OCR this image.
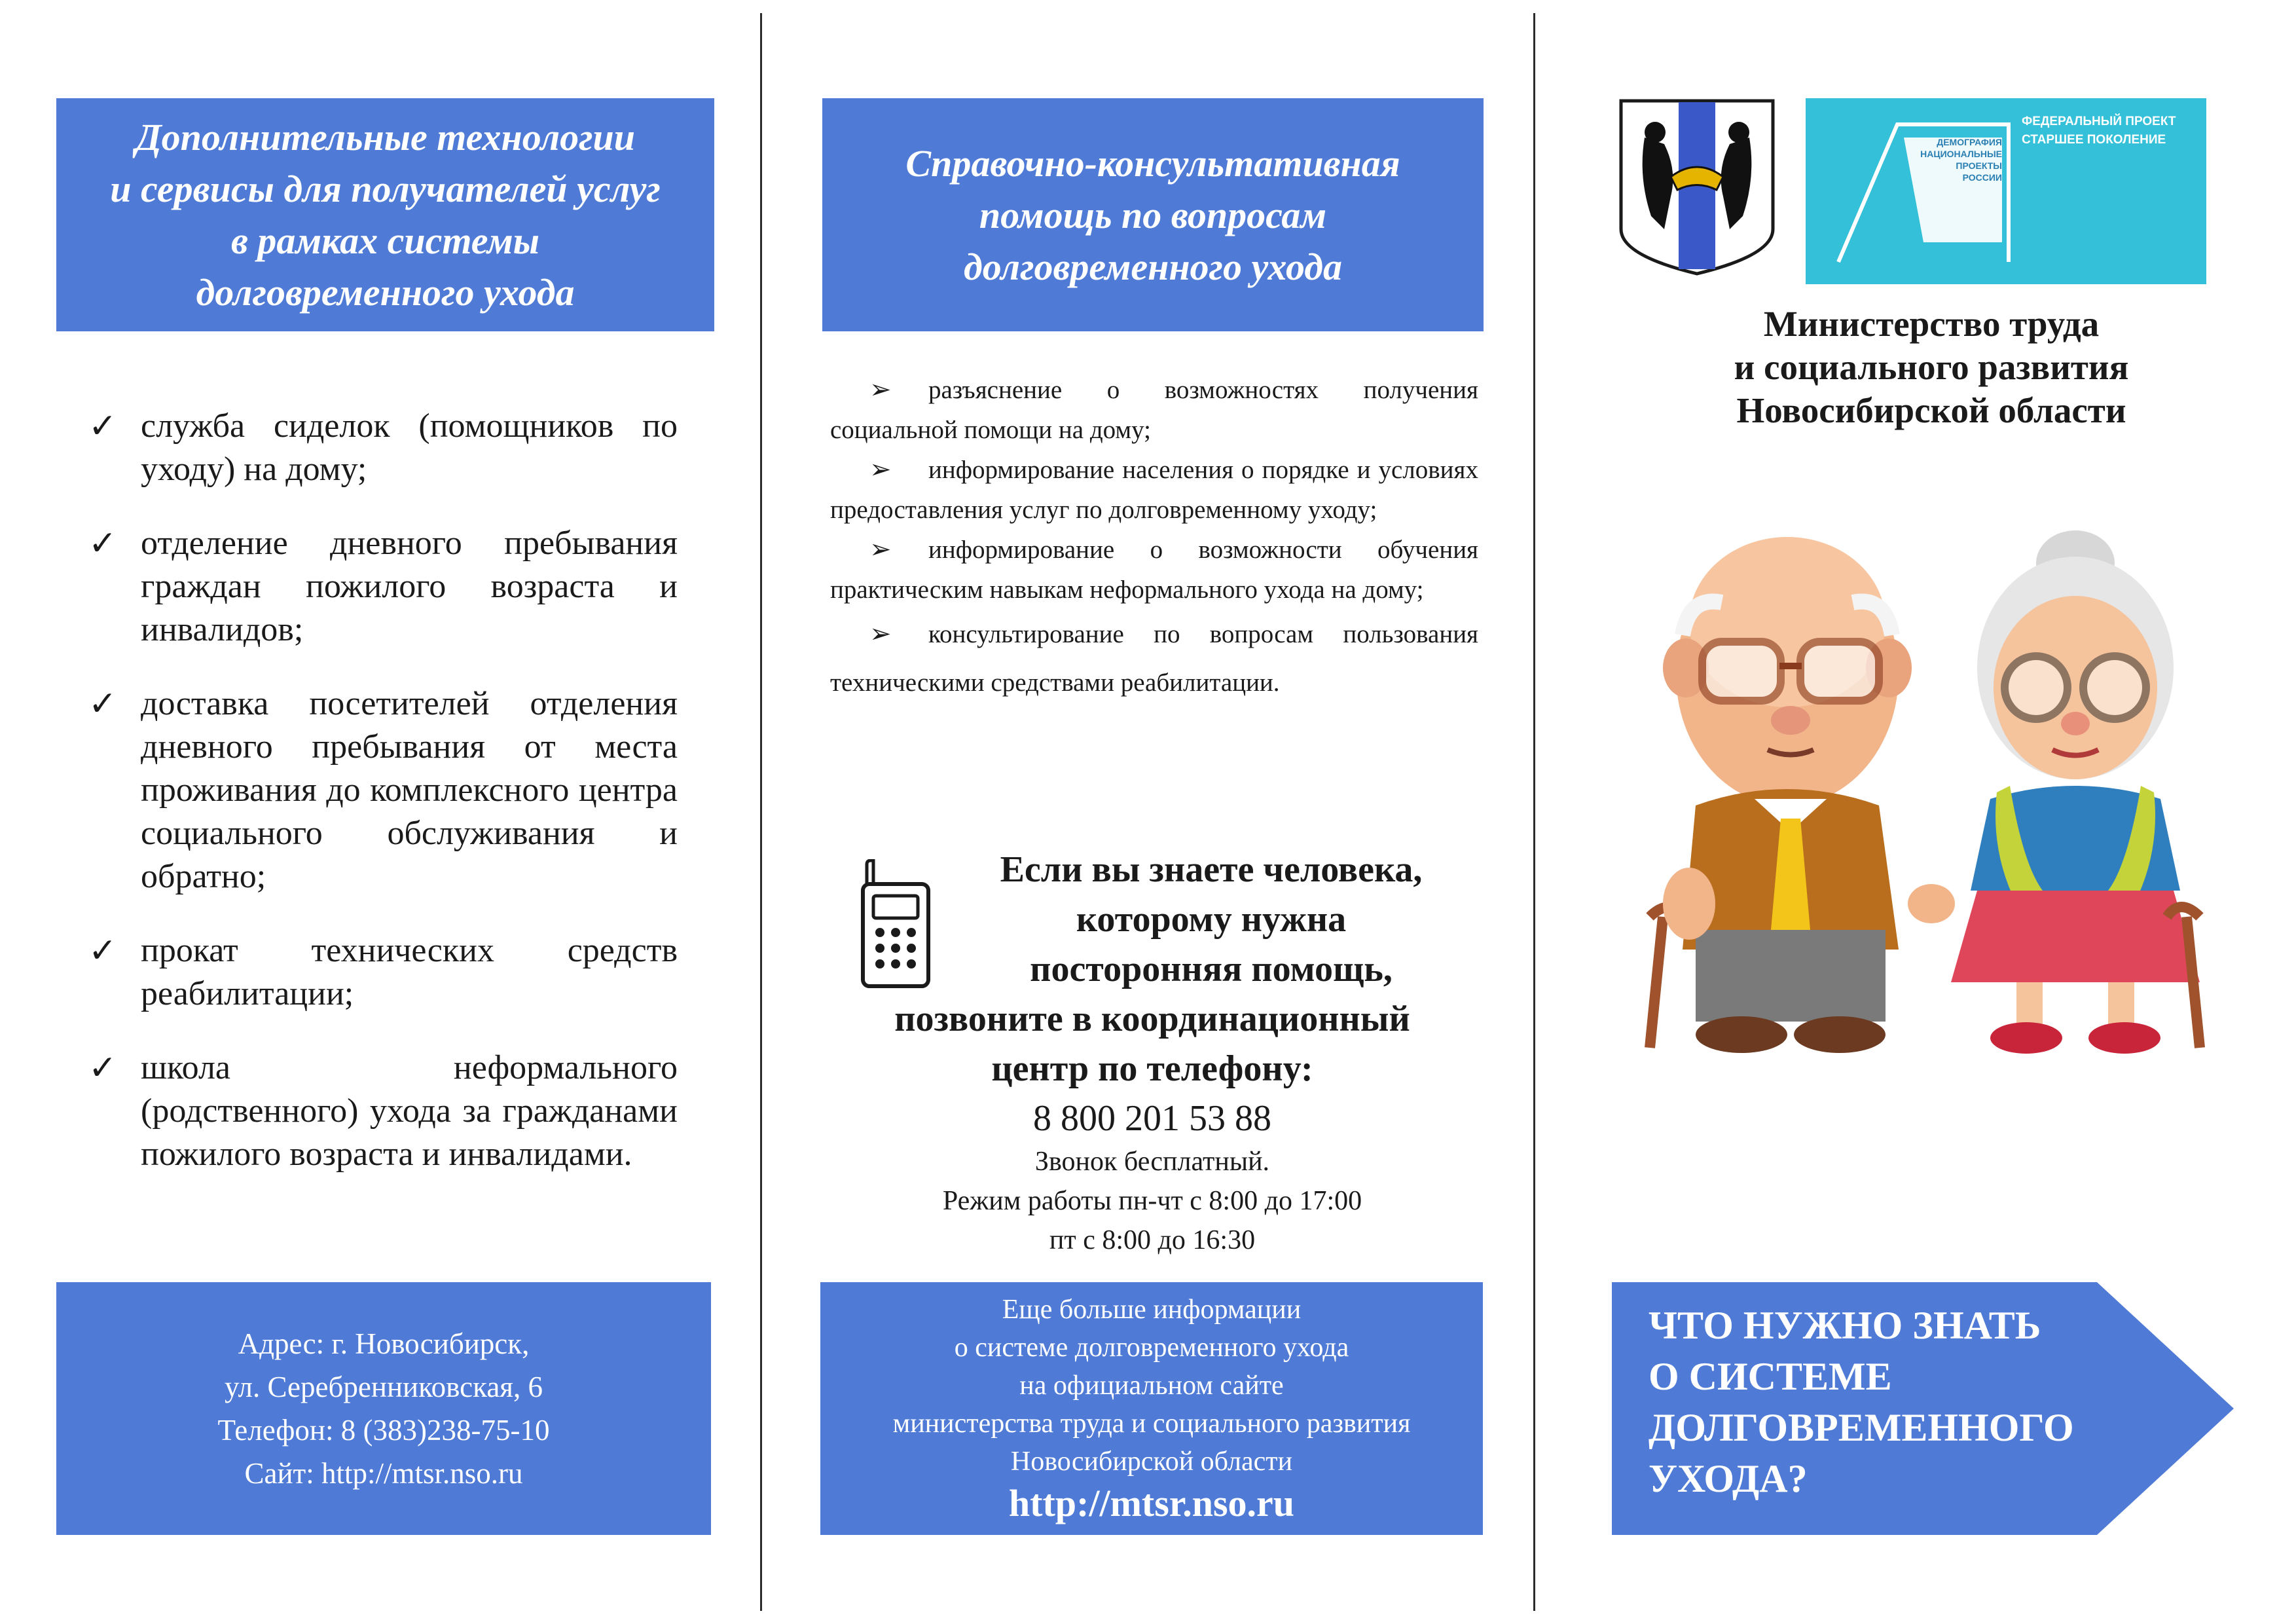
Дополнительные технологии
и сервисы для получателей услуг
в рамках системы
долговременного ухода
✓ служба сиделок (помощников по уходу) на дому;
✓ отделение дневного пребывания граждан пожилого возраста и инвалидов;
✓ доставка посетителей отделения дневного пребывания от места проживания до комплексного центра социального обслуживания и обратно;
✓ прокат технических средств реабилитации;
✓ школа неформального (родственного) ухода за гражданами пожилого возраста и инвалидами.
Адрес: г. Новосибирск,
ул. Серебренниковская, 6
Телефон: 8 (383)238-75-10
Сайт: http://mtsr.nso.ru
Справочно-консультативная
помощь по вопросам
долговременного ухода
➢ разъяснение о возможностях получения социальной помощи на дому;
➢ информирование населения о порядке и условиях предоставления услуг по долговременному уходу;
➢ информирование о возможности обучения практическим навыкам неформального ухода на дому;
➢ консультирование по вопросам пользования техническими средствами реабилитации.
Если вы знаете человека,
которому нужна
посторонняя помощь,
позвоните в координационный
центр по телефону:
8 800 201 53 88
Звонок бесплатный.
Режим работы пн-чт с 8:00 до 17:00
пт с 8:00 до 16:30
Еще больше информации
о системе долговременного ухода
на официальном сайте
министерства труда и социального развития
Новосибирской области
http://mtsr.nso.ru
ДЕМОГРАФИЯ
НАЦИОНАЛЬНЫЕ
ПРОЕКТЫ
РОССИИ
ФЕДЕРАЛЬНЫЙ ПРОЕКТ
СТАРШЕЕ ПОКОЛЕНИЕ
Министерство труда
и социального развития
Новосибирской области
ЧТО НУЖНО ЗНАТЬ
О СИСТЕМЕ
ДОЛГОВРЕМЕННОГО
УХОДА?
